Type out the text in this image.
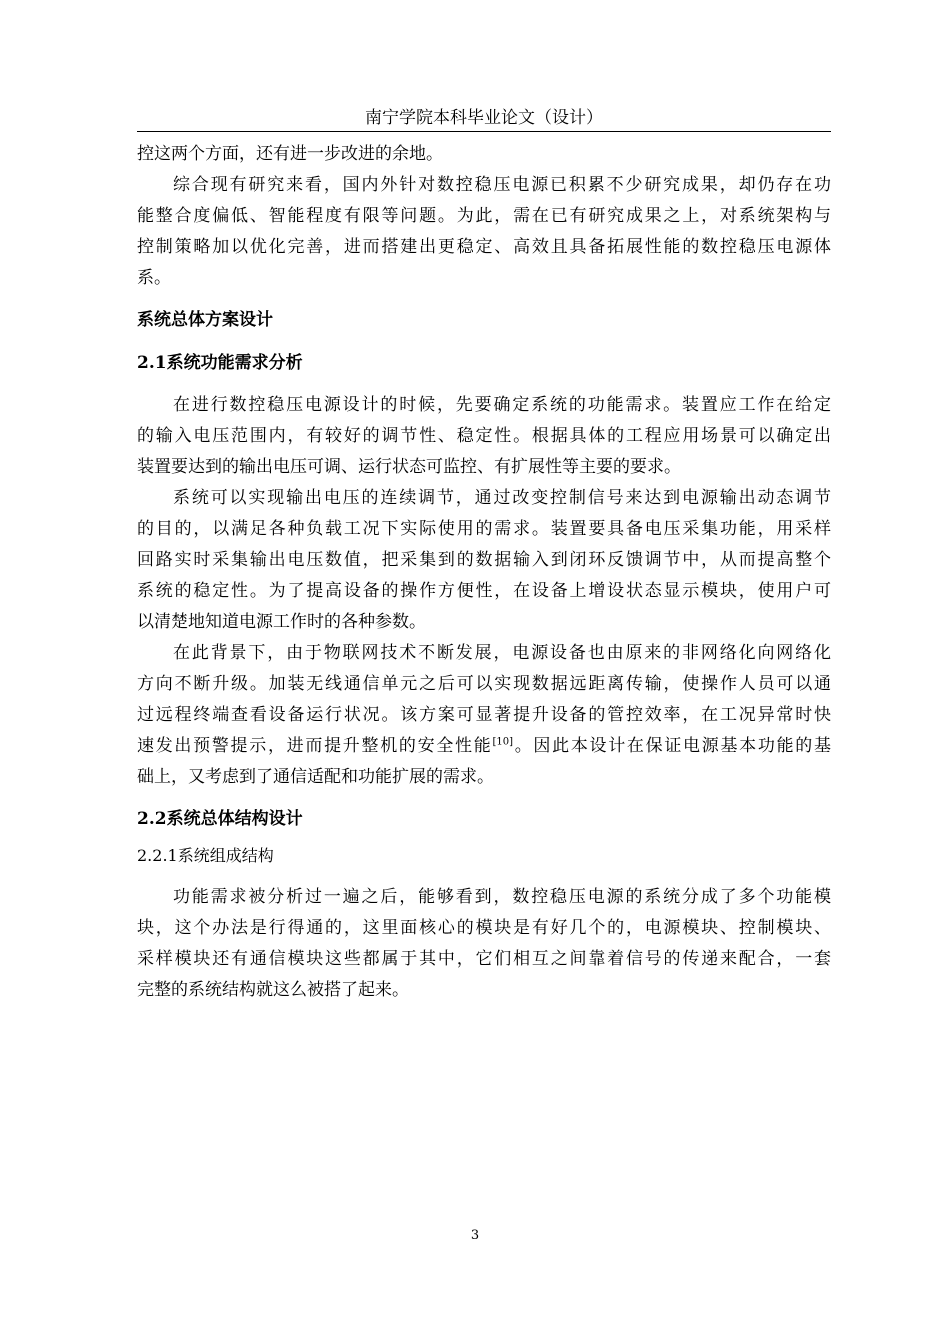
南宁学院本科毕业论文（设计）

控这两个方面，还有进一步改进的余地。

综合现有研究来看，国内外针对数控稳压电源已积累不少研究成果，却仍存在功
能整合度偏低、智能程度有限等问题。为此，需在已有研究成果之上，对系统架构与
控制策略加以优化完善，进而搭建出更稳定、高效且具备拓展性能的数控稳压电源体
系。

系统总体方案设计
2.1系统功能需求分析

在进行数控稳压电源设计的时候，先要确定系统的功能需求。装置应工作在给定
的输入电压范围内，有较好的调节性、稳定性。根据具体的工程应用场景可以确定出
装置要达到的输出电压可调、运行状态可监控、有扩展性等主要的要求。

系统可以实现输出电压的连续调节，通过改变控制信号来达到电源输出动态调节
的目的，以满足各种负载工况下实际使用的需求。装置要具备电压采集功能，用采样
回路实时采集输出电压数值，把采集到的数据输入到闭环反馈调节中，从而提高整个
系统的稳定性。为了提高设备的操作方便性，在设备上增设状态显示模块，使用户可
以清楚地知道电源工作时的各种参数。

在此背景下，由于物联网技术不断发展，电源设备也由原来的非网络化向网络化
方向不断升级。加装无线通信单元之后可以实现数据远距离传输，使操作人员可以通
过远程终端查看设备运行状况。该方案可显著提升设备的管控效率，在工况异常时快
速发出预警提示，进而提升整机的安全性能[10]。因此本设计在保证电源基本功能的基
础上，又考虑到了通信适配和功能扩展的需求。

2.2系统总体结构设计
2.2.1系统组成结构

功能需求被分析过一遍之后，能够看到，数控稳压电源的系统分成了多个功能模
块，这个办法是行得通的，这里面核心的模块是有好几个的，电源模块、控制模块、
采样模块还有通信模块这些都属于其中，它们相互之间靠着信号的传递来配合，一套
完整的系统结构就这么被搭了起来。

3
